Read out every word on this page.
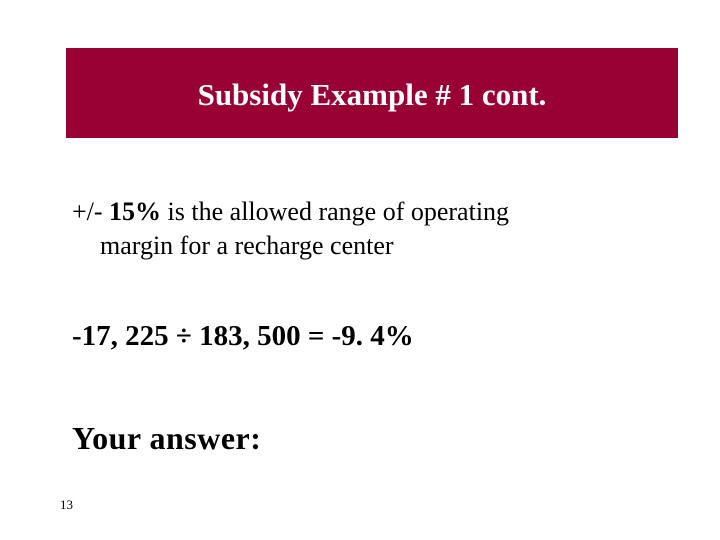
Subsidy Example # 1 cont.
+/- 15% is the allowed range of operating
margin for a recharge center
-17, 225 ÷ 183, 500 = -9. 4%
Your answer:
13
